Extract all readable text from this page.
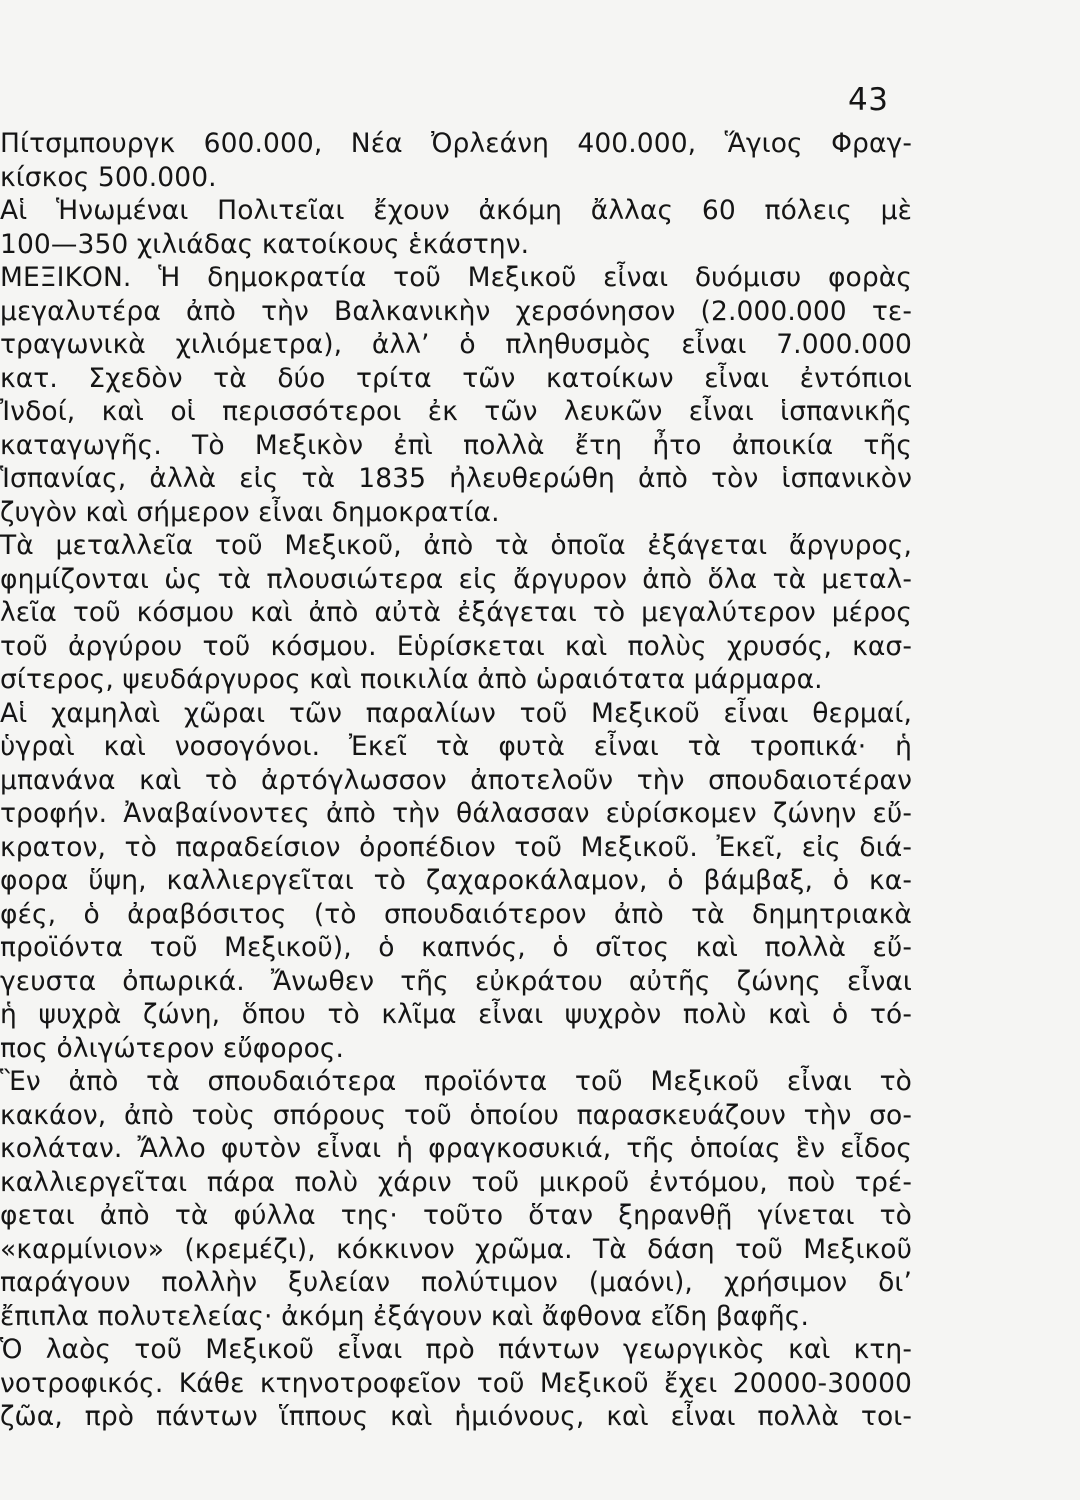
43
Πίτσμπουργκ 600.000, Νέα Ὀρλεάνη 400.000, Ἅγιος Φραγ-
κίσκος 500.000.
Αἱ Ἡνωμέναι Πολιτεῖαι ἔχουν ἀκόμη ἄλλας 60 πόλεις μὲ
100—350 χιλιάδας κατοίκους ἑκάστην.
ΜΕΞΙΚΟΝ. Ἡ δημοκρατία τοῦ Μεξικοῦ εἶναι δυόμισυ φορὰς
μεγαλυτέρα ἀπὸ τὴν Βαλκανικὴν χερσόνησον (2.000.000 τε-
τραγωνικὰ χιλιόμετρα), ἀλλ’ ὁ πληθυσμὸς εἶναι 7.000.000
κατ. Σχεδὸν τὰ δύο τρίτα τῶν κατοίκων εἶναι ἐντόπιοι
Ἰνδοί, καὶ οἱ περισσότεροι ἐκ τῶν λευκῶν εἶναι ἱσπανικῆς
καταγωγῆς. Τὸ Μεξικὸν ἐπὶ πολλὰ ἔτη ἦτο ἀποικία τῆς
Ἱσπανίας, ἀλλὰ εἰς τὰ 1835 ἠλευθερώθη ἀπὸ τὸν ἱσπανικὸν
ζυγὸν καὶ σήμερον εἶναι δημοκρατία.
Τὰ μεταλλεῖα τοῦ Μεξικοῦ, ἀπὸ τὰ ὁποῖα ἐξάγεται ἄργυρος,
φημίζονται ὡς τὰ πλουσιώτερα εἰς ἄργυρον ἀπὸ ὅλα τὰ μεταλ-
λεῖα τοῦ κόσμου καὶ ἀπὸ αὐτὰ ἐξάγεται τὸ μεγαλύτερον μέρος
τοῦ ἀργύρου τοῦ κόσμου. Εὑρίσκεται καὶ πολὺς χρυσός, κασ-
σίτερος, ψευδάργυρος καὶ ποικιλία ἀπὸ ὡραιότατα μάρμαρα.
Αἱ χαμηλαὶ χῶραι τῶν παραλίων τοῦ Μεξικοῦ εἶναι θερμαί,
ὑγραὶ καὶ νοσογόνοι. Ἐκεῖ τὰ φυτὰ εἶναι τὰ τροπικά· ἡ
μπανάνα καὶ τὸ ἀρτόγλωσσον ἀποτελοῦν τὴν σπουδαιοτέραν
τροφήν. Ἀναβαίνοντες ἀπὸ τὴν θάλασσαν εὑρίσκομεν ζώνην εὔ-
κρατον, τὸ παραδείσιον ὀροπέδιον τοῦ Μεξικοῦ. Ἐκεῖ, εἰς διά-
φορα ὕψη, καλλιεργεῖται τὸ ζαχαροκάλαμον, ὁ βάμβαξ, ὁ κα-
φές, ὁ ἀραβόσιτος (τὸ σπουδαιότερον ἀπὸ τὰ δημητριακὰ
προϊόντα τοῦ Μεξικοῦ), ὁ καπνός, ὁ σῖτος καὶ πολλὰ εὔ-
γευστα ὀπωρικά. Ἄνωθεν τῆς εὐκράτου αὐτῆς ζώνης εἶναι
ἡ ψυχρὰ ζώνη, ὅπου τὸ κλῖμα εἶναι ψυχρὸν πολὺ καὶ ὁ τό-
πος ὀλιγώτερον εὔφορος.
Ἓν ἀπὸ τὰ σπουδαιότερα προϊόντα τοῦ Μεξικοῦ εἶναι τὸ
κακάον, ἀπὸ τοὺς σπόρους τοῦ ὁποίου παρασκευάζουν τὴν σο-
κολάταν. Ἄλλο φυτὸν εἶναι ἡ φραγκοσυκιά, τῆς ὁποίας ἓν εἶδος
καλλιεργεῖται πάρα πολὺ χάριν τοῦ μικροῦ ἐντόμου, ποὺ τρέ-
φεται ἀπὸ τὰ φύλλα της· τοῦτο ὅταν ξηρανθῇ γίνεται τὸ
«καρμίνιον» (κρεμέζι), κόκκινον χρῶμα. Τὰ δάση τοῦ Μεξικοῦ
παράγουν πολλὴν ξυλείαν πολύτιμον (μαόνι), χρήσιμον δι’
ἔπιπλα πολυτελείας· ἀκόμη ἐξάγουν καὶ ἄφθονα εἴδη βαφῆς.
Ὁ λαὸς τοῦ Μεξικοῦ εἶναι πρὸ πάντων γεωργικὸς καὶ κτη-
νοτροφικός. Κάθε κτηνοτροφεῖον τοῦ Μεξικοῦ ἔχει 20000-30000
ζῶα, πρὸ πάντων ἵππους καὶ ἡμιόνους, καὶ εἶναι πολλὰ τοι-
